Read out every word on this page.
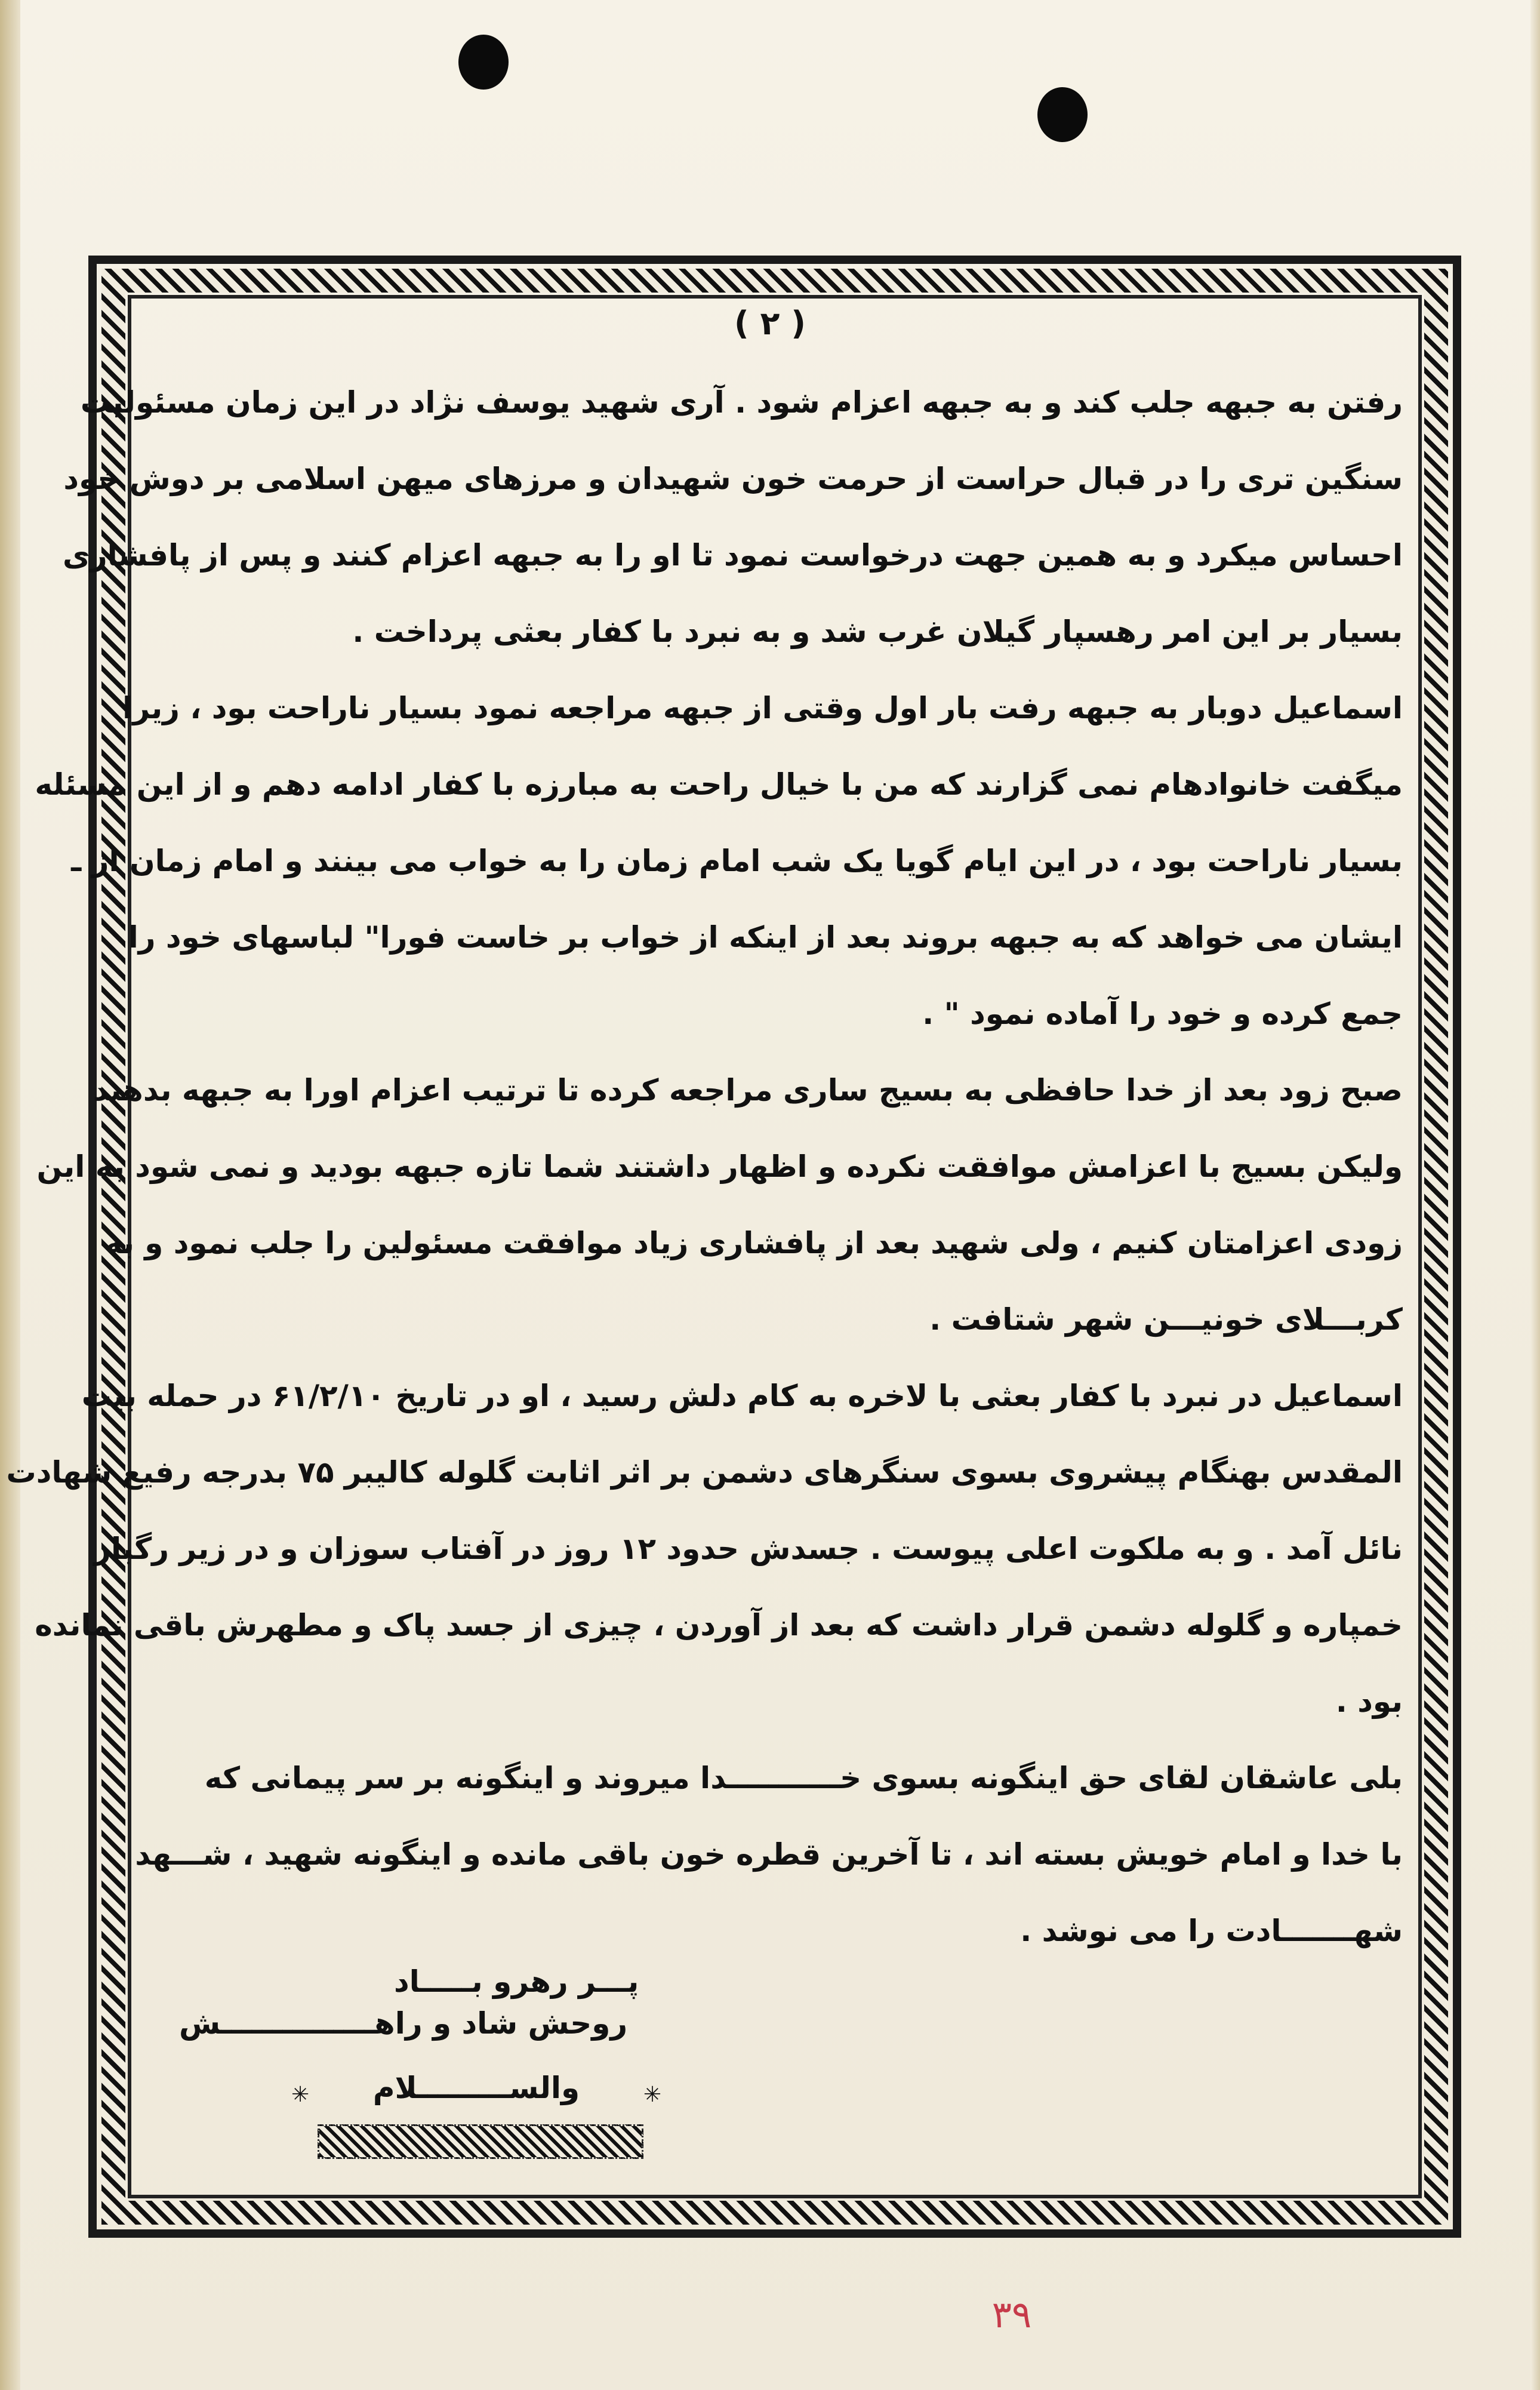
( ۲ )
رفتن به جبهه جلب کند و به جبهه اعزام شود . آری شهید یوسف نژاد در این زمان مسئولیت
سنگین تری را در قبال حراست از حرمت خون شهیدان و مرزهای میهن اسلامی بر دوش خود
احساس میکرد و به همین جهت درخواست نمود تا او را به جبهه اعزام کنند و پس از پافشاری
بسیار بر این امر رهسپار گیلان غرب شد و به نبرد با کفار بعثی پرداخت .
اسماعیل دوبار به جبهه رفت بار اول وقتی از جبهه مراجعه نمود بسیار ناراحت بود ، زیرا
میگفت خانوادهام نمی گزارند که من با خیال راحت به مبارزه با کفار ادامه دهم و از این مسئله
بسیار ناراحت بود ، در این ایام گویا یک شب امام زمان را به خواب می بینند و امام زمان از ـ
ایشان می خواهد که به جبهه بروند بعد از اینکه از خواب بر خاست فورا" لباسهای خود را
جمع کرده و خود را آماده نمود " .
صبح زود بعد از خدا حافظی به بسیج ساری مراجعه کرده تا ترتیب اعزام اورا به جبهه بدهند
ولیکن بسیج با اعزامش موافقت نکرده و اظهار داشتند شما تازه جبهه بودید و نمی شود به این
زودی اعزامتان کنیم ، ولی شهید بعد از پافشاری زیاد موافقت مسئولین را جلب نمود و به
کربـــلای خونیـــن شهر شتافت .
اسماعیل در نبرد با کفار بعثی با لاخره به کام دلش رسید ، او در تاریخ ۶۱/۲/۱۰ در حمله بیت
المقدس بهنگام پیشروی بسوی سنگرهای دشمن بر اثر اثابت گلوله کالیبر ۷۵ بدرجه رفیع شهادت
نائل آمد . و به ملکوت اعلی پیوست . جسدش حدود ۱۲ روز در آفتاب سوزان و در زیر رگبار
خمپاره و گلوله دشمن قرار داشت که بعد از آوردن ، چیزی از جسد پاک و مطهرش باقی نمانده
بود .
بلی عاشقان لقای حق اینگونه بسوی خـــــــــــدا میروند و اینگونه بر سر پیمانی که
با خدا و امام خویش بسته اند ، تا آخرین قطره خون باقی مانده و اینگونه شهید ، شـــهد
شهـــــــادت را می نوشد .
پـــر رهرو بـــــاد
روحش شاد و راهـــــــــــــــش
✳	والســـــــــلام	✳
۳۹
